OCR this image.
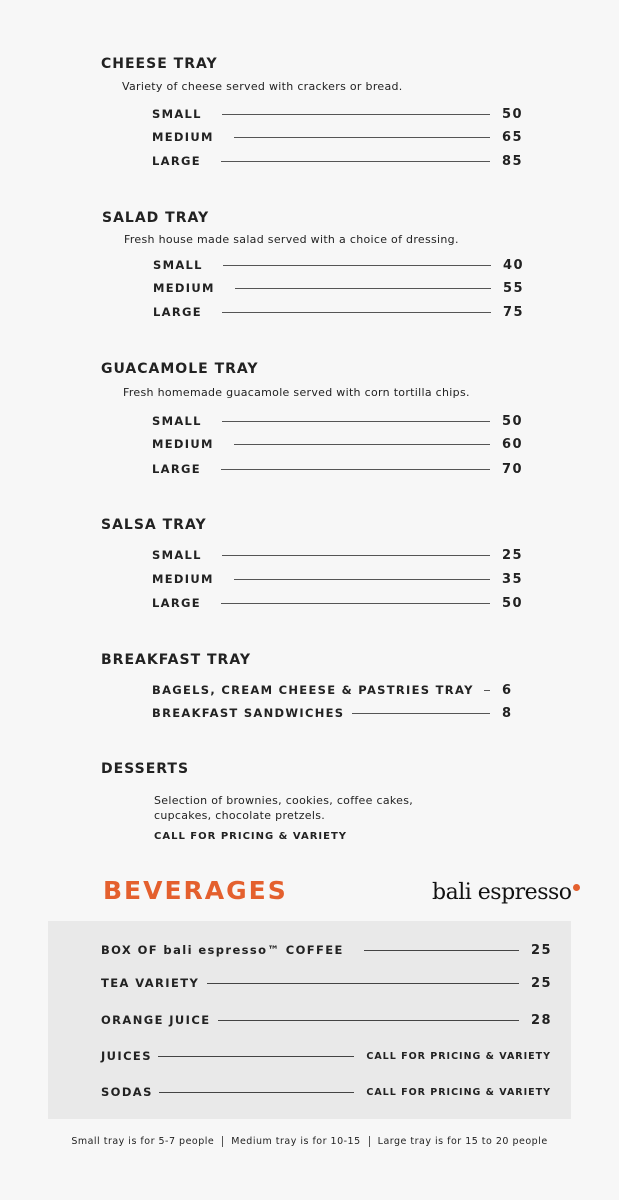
CHEESE TRAY
Variety of cheese served with crackers or bread.
SMALL	50
MEDIUM	65
LARGE	85
SALAD TRAY
Fresh house made salad served with a choice of dressing.
SMALL	40
MEDIUM	55
LARGE	75
GUACAMOLE TRAY
Fresh homemade guacamole served with corn tortilla chips.
SMALL	50
MEDIUM	60
LARGE	70
SALSA TRAY
SMALL	25
MEDIUM	35
LARGE	50
BREAKFAST TRAY
BAGELS, CREAM CHEESE & PASTRIES TRAY 6
BREAKFAST SANDWICHES	8
DESSERTS
Selection of brownies, cookies, coffee cakes,
cupcakes, chocolate pretzels.
CALL FOR PRICING & VARIETY
BEVERAGES	bali espresso
BOX OF bali espresso™ COFFEE	25
TEA VARIETY	25
ORANGE JUICE	28
JUICES	CALL FOR PRICING & VARIETY
SODAS	CALL FOR PRICING & VARIETY
Small tray is for 5-7 people Medium tray is for 10-15 Large tray is for 15 to 20 people
